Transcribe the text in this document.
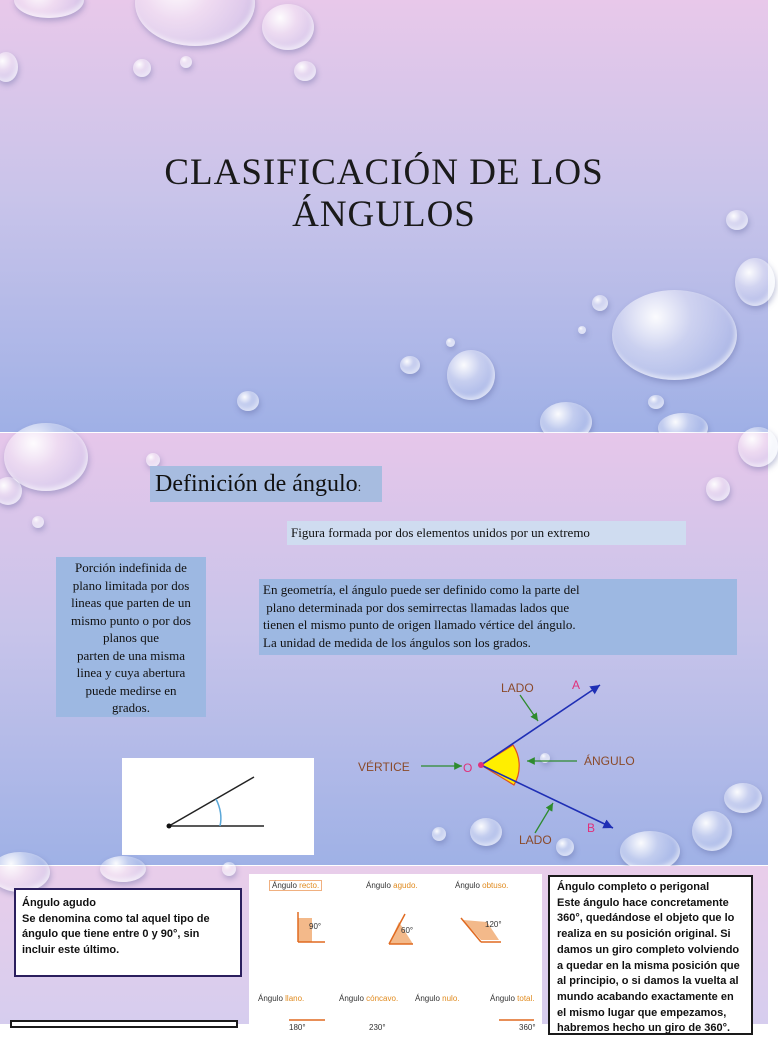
CLASIFICACIÓN DE LOS
ÁNGULOS
Definición de ángulo:
Figura formada por dos elementos unidos por un extremo
Porción indefinida de
plano limitada por dos
lineas que parten de un
mismo punto o por dos
planos que
parten de una misma
linea y cuya abertura
puede medirse en
grados.
En geometría, el ángulo puede ser definido como la parte del
plano determinada por dos semirrectas llamadas lados que
tienen el mismo punto de origen llamado vértice del ángulo.
La unidad de medida de los ángulos son los grados.
LADO	A
VÉRTICE	O	ÁNGULO
B
LADO
Ángulo agudo
Se denomina como tal aquel tipo de
ángulo que tiene entre 0 y 90°, sin
incluir este último.
Ángulo recto.	Ángulo agudo.	Ángulo obtuso.
90°	60°
120°
Ángulo llano.	Ángulo cóncavo. Ángulo nulo.	Ángulo total.
180°	230°	360°
Ángulo completo o perigonal
Este ángulo hace concretamente
360°, quedándose el objeto que lo
realiza en su posición original. Si
damos un giro completo volviendo
a quedar en la misma posición que
al principio, o si damos la vuelta al
mundo acabando exactamente en
el mismo lugar que empezamos,
habremos hecho un giro de 360°.
